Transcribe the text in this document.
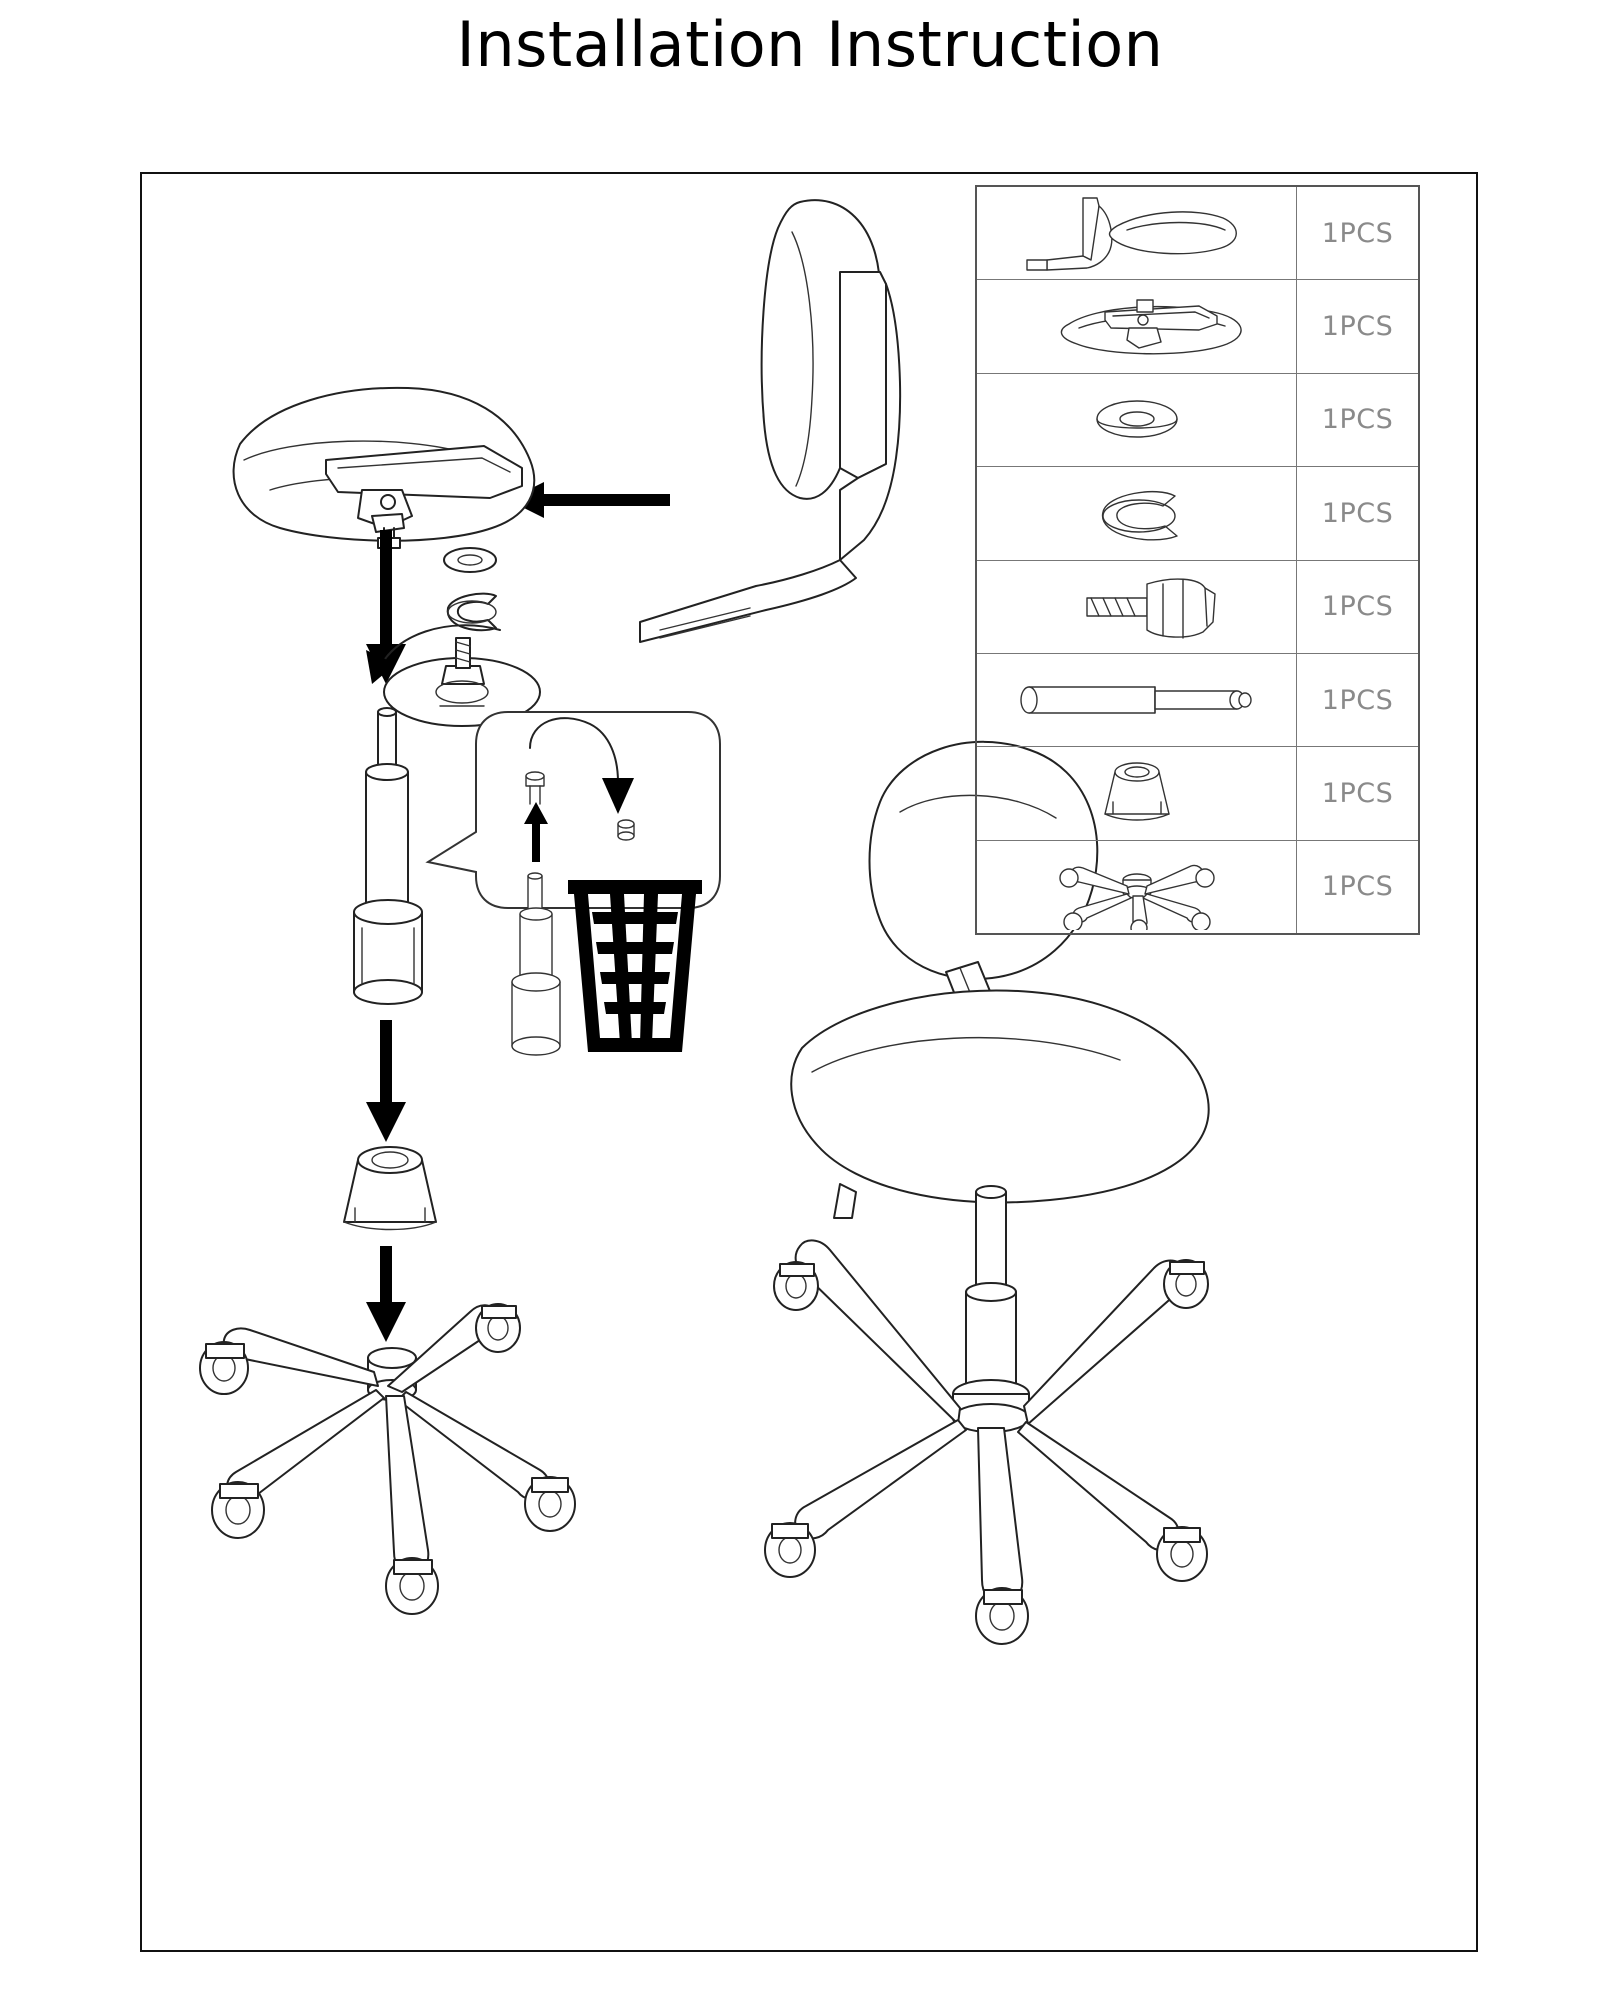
Installation Instruction
1PCS
1PCS
1PCS
1PCS
1PCS
1PCS
1PCS
1PCS
